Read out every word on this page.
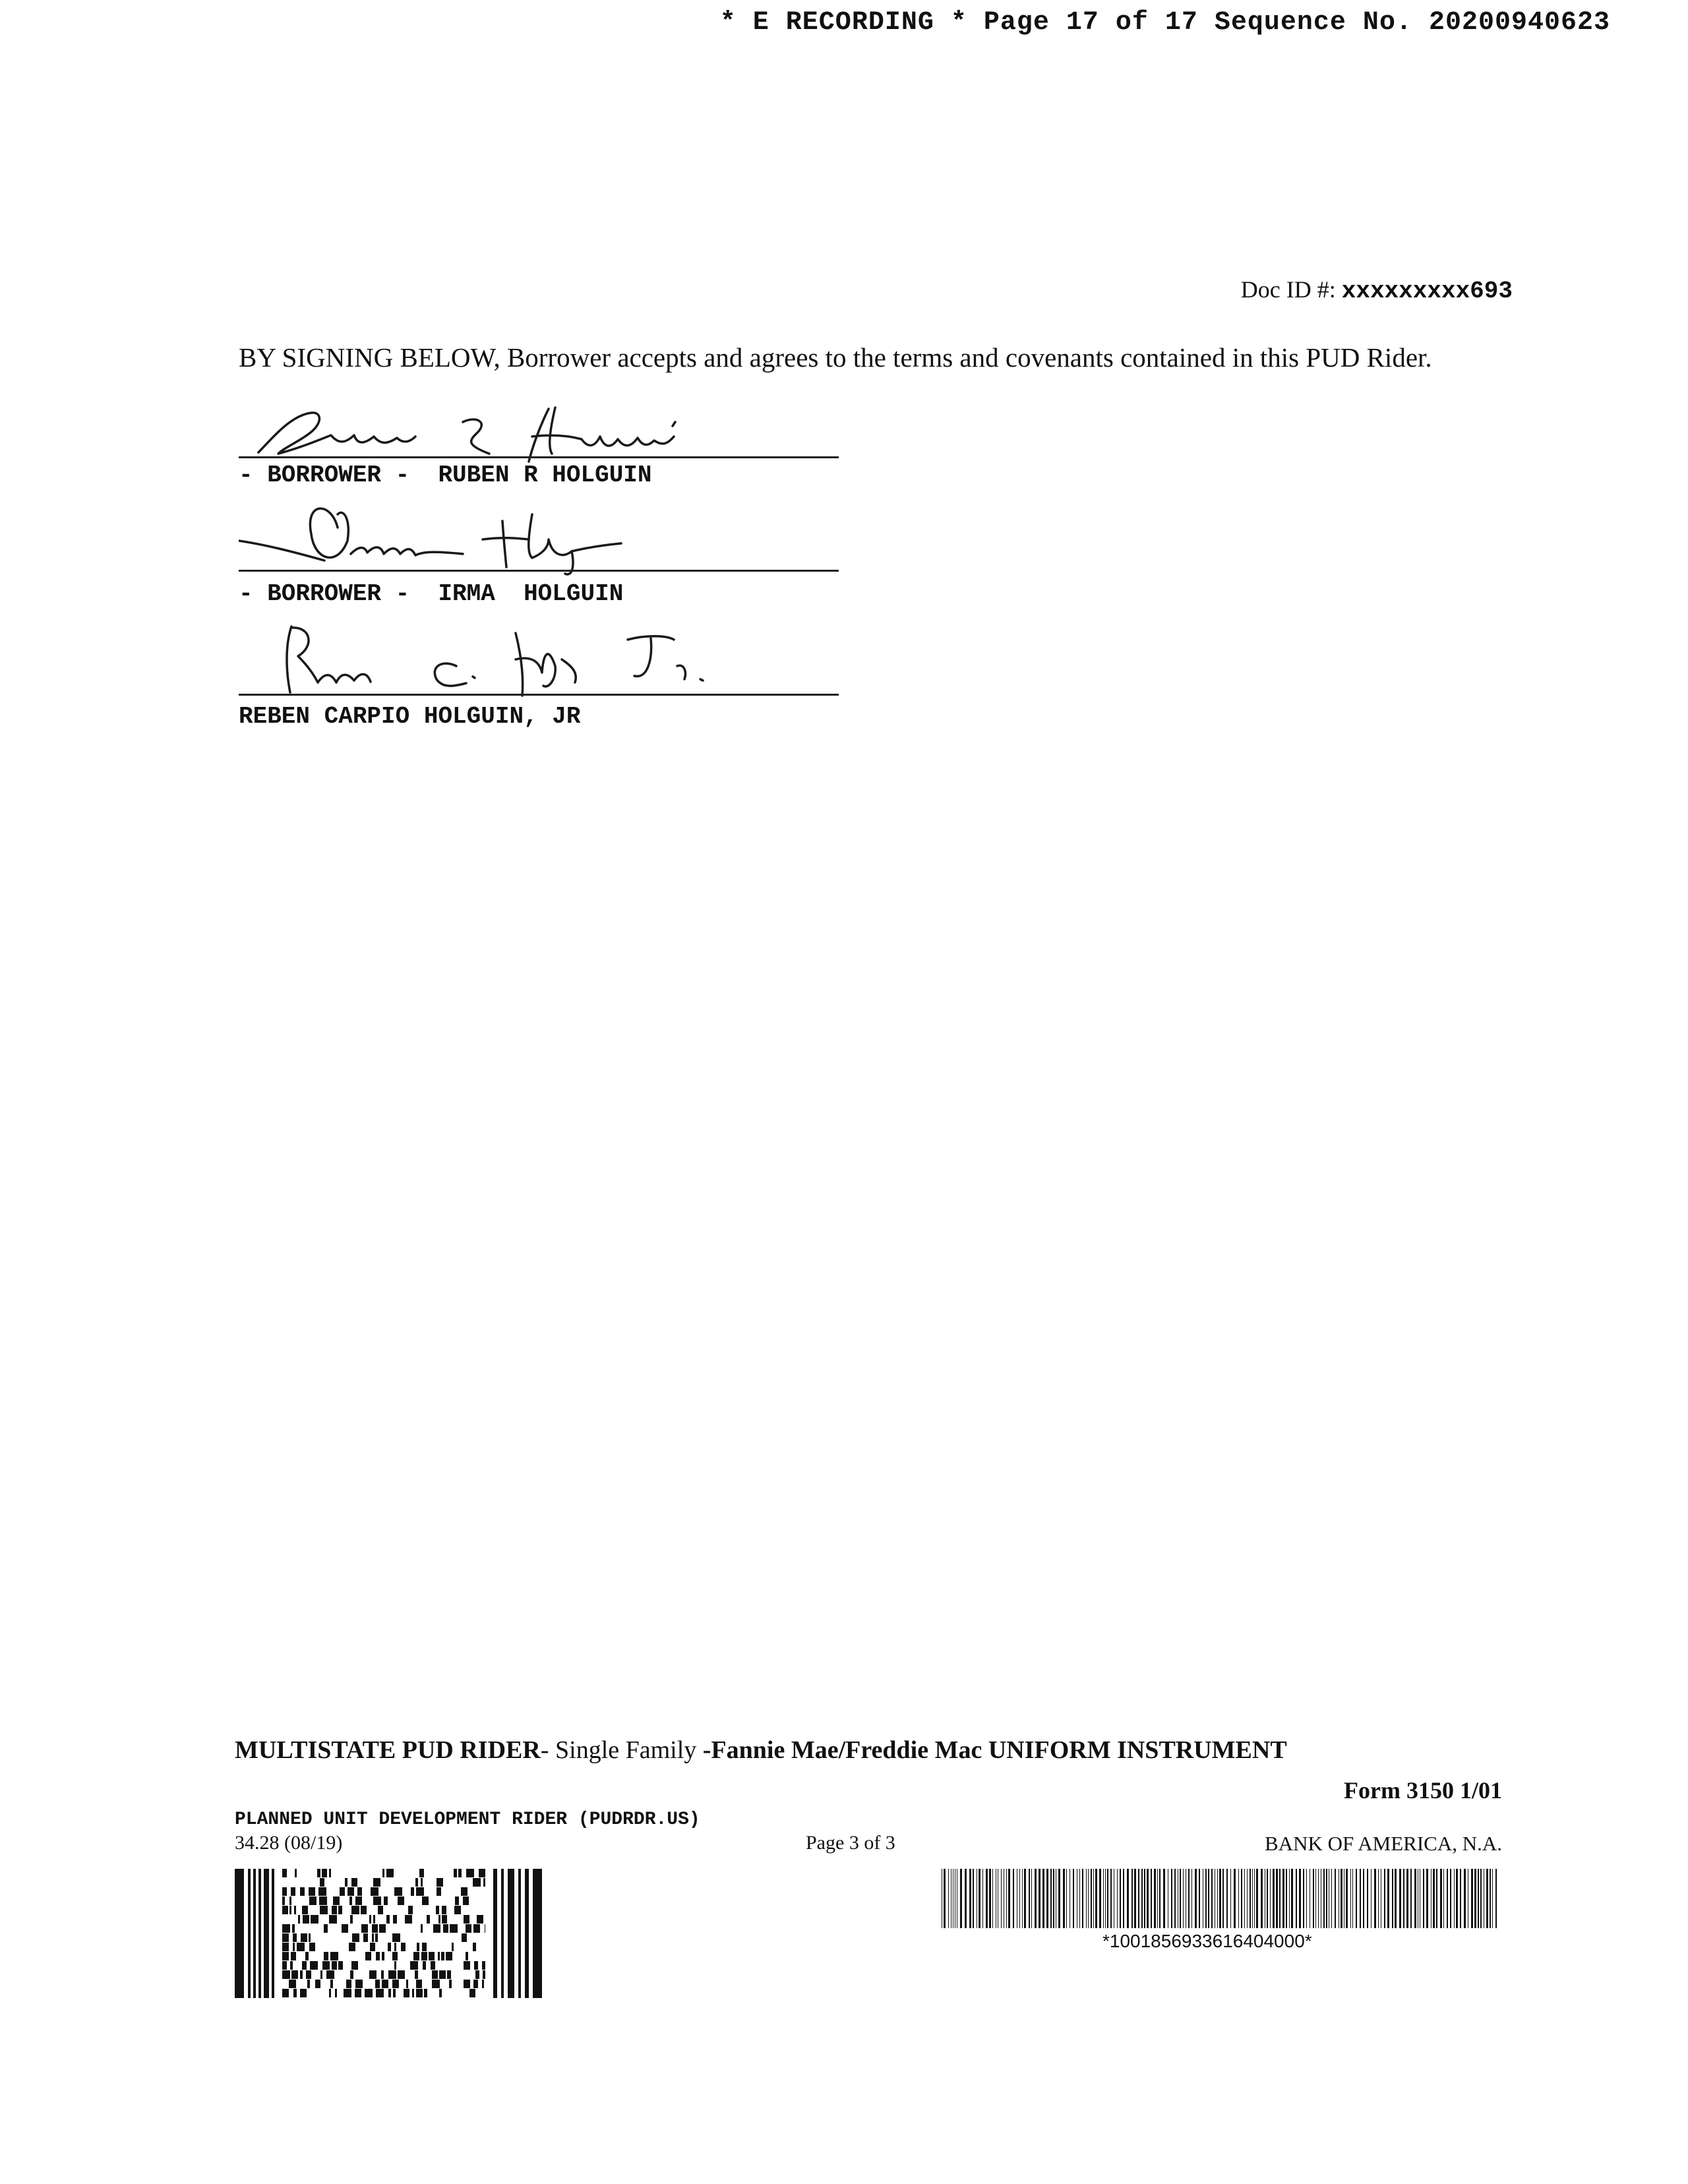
* E RECORDING * Page 17 of 17 Sequence No. 20200940623
Doc ID #: xxxxxxxxx693
BY SIGNING BELOW, Borrower accepts and agrees to the terms and covenants contained in this PUD Rider.
- BORROWER -  RUBEN R HOLGUIN
- BORROWER -  IRMA  HOLGUIN
REBEN CARPIO HOLGUIN, JR
MULTISTATE PUD RIDER- Single Family -Fannie Mae/Freddie Mac UNIFORM INSTRUMENT
Form 3150 1/01
PLANNED UNIT DEVELOPMENT RIDER (PUDRDR.US)
34.28 (08/19)	Page 3 of 3	BANK OF AMERICA, N.A.
*1001856933616404000*
